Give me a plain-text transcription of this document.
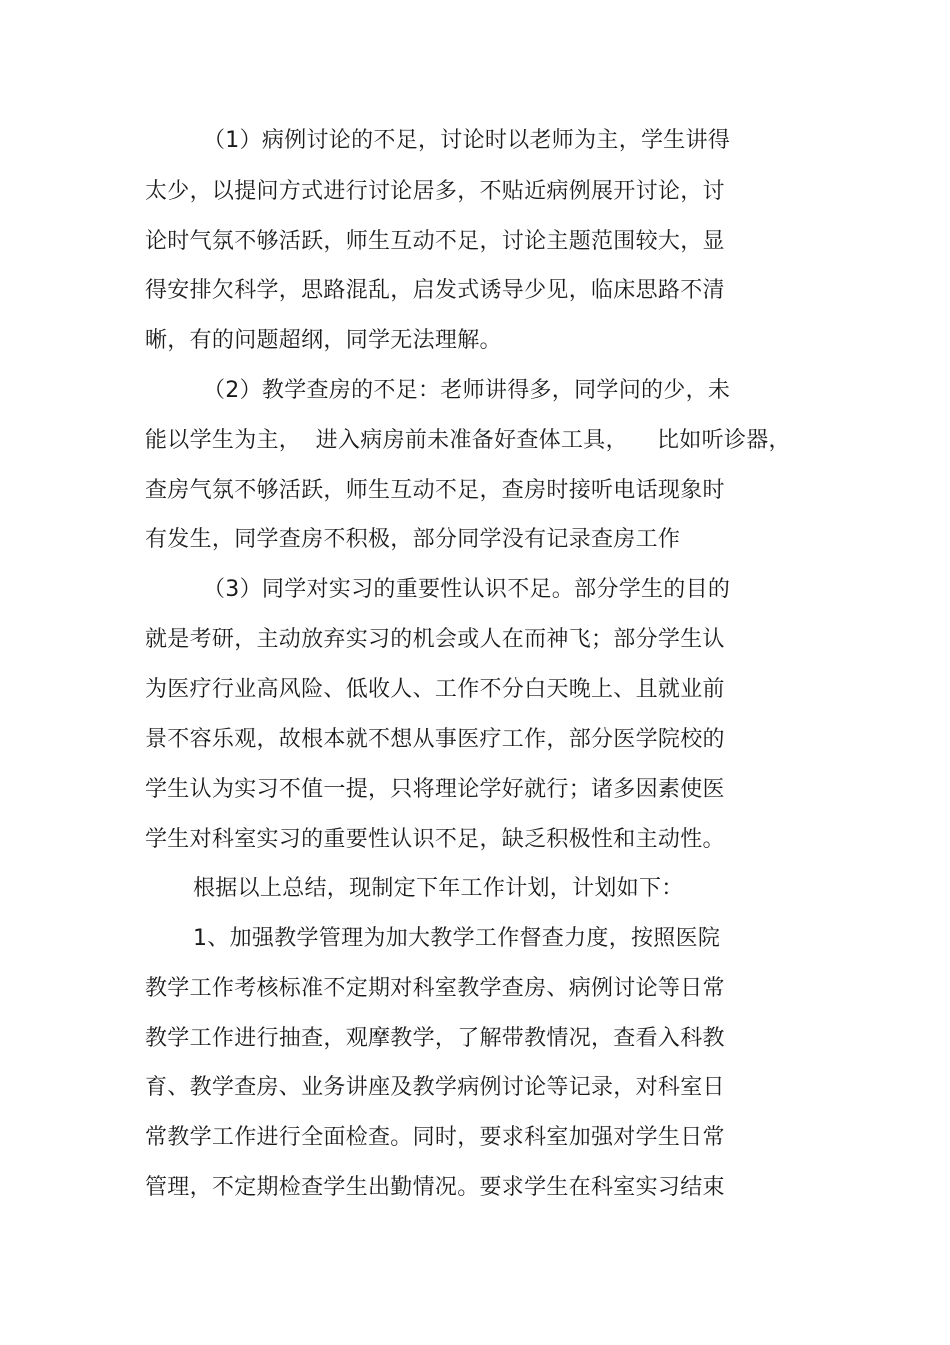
（1）病例讨论的不足，讨论时以老师为主，学生讲得
太少，以提问方式进行讨论居多，不贴近病例展开讨论，讨
论时气氛不够活跃，师生互动不足，讨论主题范围较大，显
得安排欠科学，思路混乱，启发式诱导少见，临床思路不清
晰，有的问题超纲，同学无法理解。
（2）教学查房的不足：老师讲得多，同学问的少，未
能以学生为主，  进入病房前未准备好查体工具，    比如听诊器，
查房气氛不够活跃，师生互动不足，查房时接听电话现象时
有发生，同学查房不积极，部分同学没有记录查房工作
（3）同学对实习的重要性认识不足。部分学生的目的
就是考研，主动放弃实习的机会或人在而神飞；部分学生认
为医疗行业高风险、低收人、工作不分白天晚上、且就业前
景不容乐观，故根本就不想从事医疗工作，部分医学院校的
学生认为实习不值一提，只将理论学好就行；诸多因素使医
学生对科室实习的重要性认识不足，缺乏积极性和主动性。
根据以上总结，现制定下年工作计划，计划如下：
1、加强教学管理为加大教学工作督查力度，按照医院
教学工作考核标准不定期对科室教学查房、病例讨论等日常
教学工作进行抽查，观摩教学，了解带教情况，查看入科教
育、教学查房、业务讲座及教学病例讨论等记录，对科室日
常教学工作进行全面检查。同时，要求科室加强对学生日常
管理，不定期检查学生出勤情况。要求学生在科室实习结束
